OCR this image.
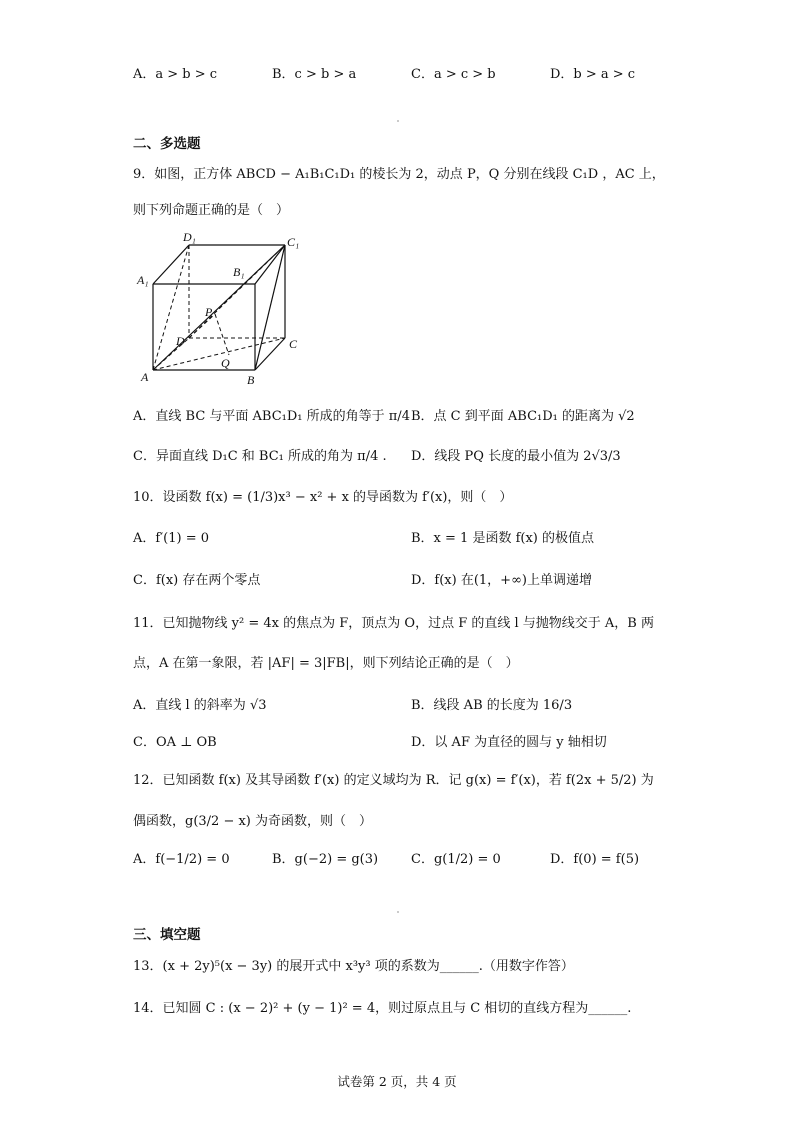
A．a > b > c	B．c > b > a	C．a > c > b	D．b > a > c
二、多选题
9．如图，正方体 ABCD − A₁B₁C₁D₁ 的棱长为 2，动点 P，Q 分别在线段 C₁D ，AC 上，
则下列命题正确的是（　）
D₁	C₁
A₁
B₁
P
D	C
Q
A	B
A．直线 BC 与平面 ABC₁D₁ 所成的角等于 π/4 B．点 C 到平面 ABC₁D₁ 的距离为 √2
C．异面直线 D₁C 和 BC₁ 所成的角为 π/4 . D．线段 PQ 长度的最小值为 2√3/3
10．设函数 f(x) = (1/3)x³ − x² + x 的导函数为 f′(x)，则（　）
A．f′(1) = 0	B．x = 1 是函数 f(x) 的极值点
C．f(x) 存在两个零点	D．f(x) 在(1，+∞)上单调递增
11．已知抛物线 y² = 4x 的焦点为 F，顶点为 O，过点 F 的直线 l 与抛物线交于 A，B 两
点，A 在第一象限，若 |AF| = 3|FB|，则下列结论正确的是（　）
A．直线 l 的斜率为 √3	B．线段 AB 的长度为 16/3
C．OA ⊥ OB	D．以 AF 为直径的圆与 y 轴相切
12．已知函数 f(x) 及其导函数 f′(x) 的定义域均为 R．记 g(x) = f′(x)，若 f(2x + 5/2) 为
偶函数，g(3/2 − x) 为奇函数，则（　）
A．f(−1/2) = 0	B．g(−2) = g(3)	C．g(1/2) = 0	D．f(0) = f(5)
三、填空题
13．(x + 2y)⁵(x − 3y) 的展开式中 x³y³ 项的系数为______.（用数字作答）
14．已知圆 C : (x − 2)² + (y − 1)² = 4，则过原点且与 C 相切的直线方程为______.
试卷第 2 页，共 4 页
